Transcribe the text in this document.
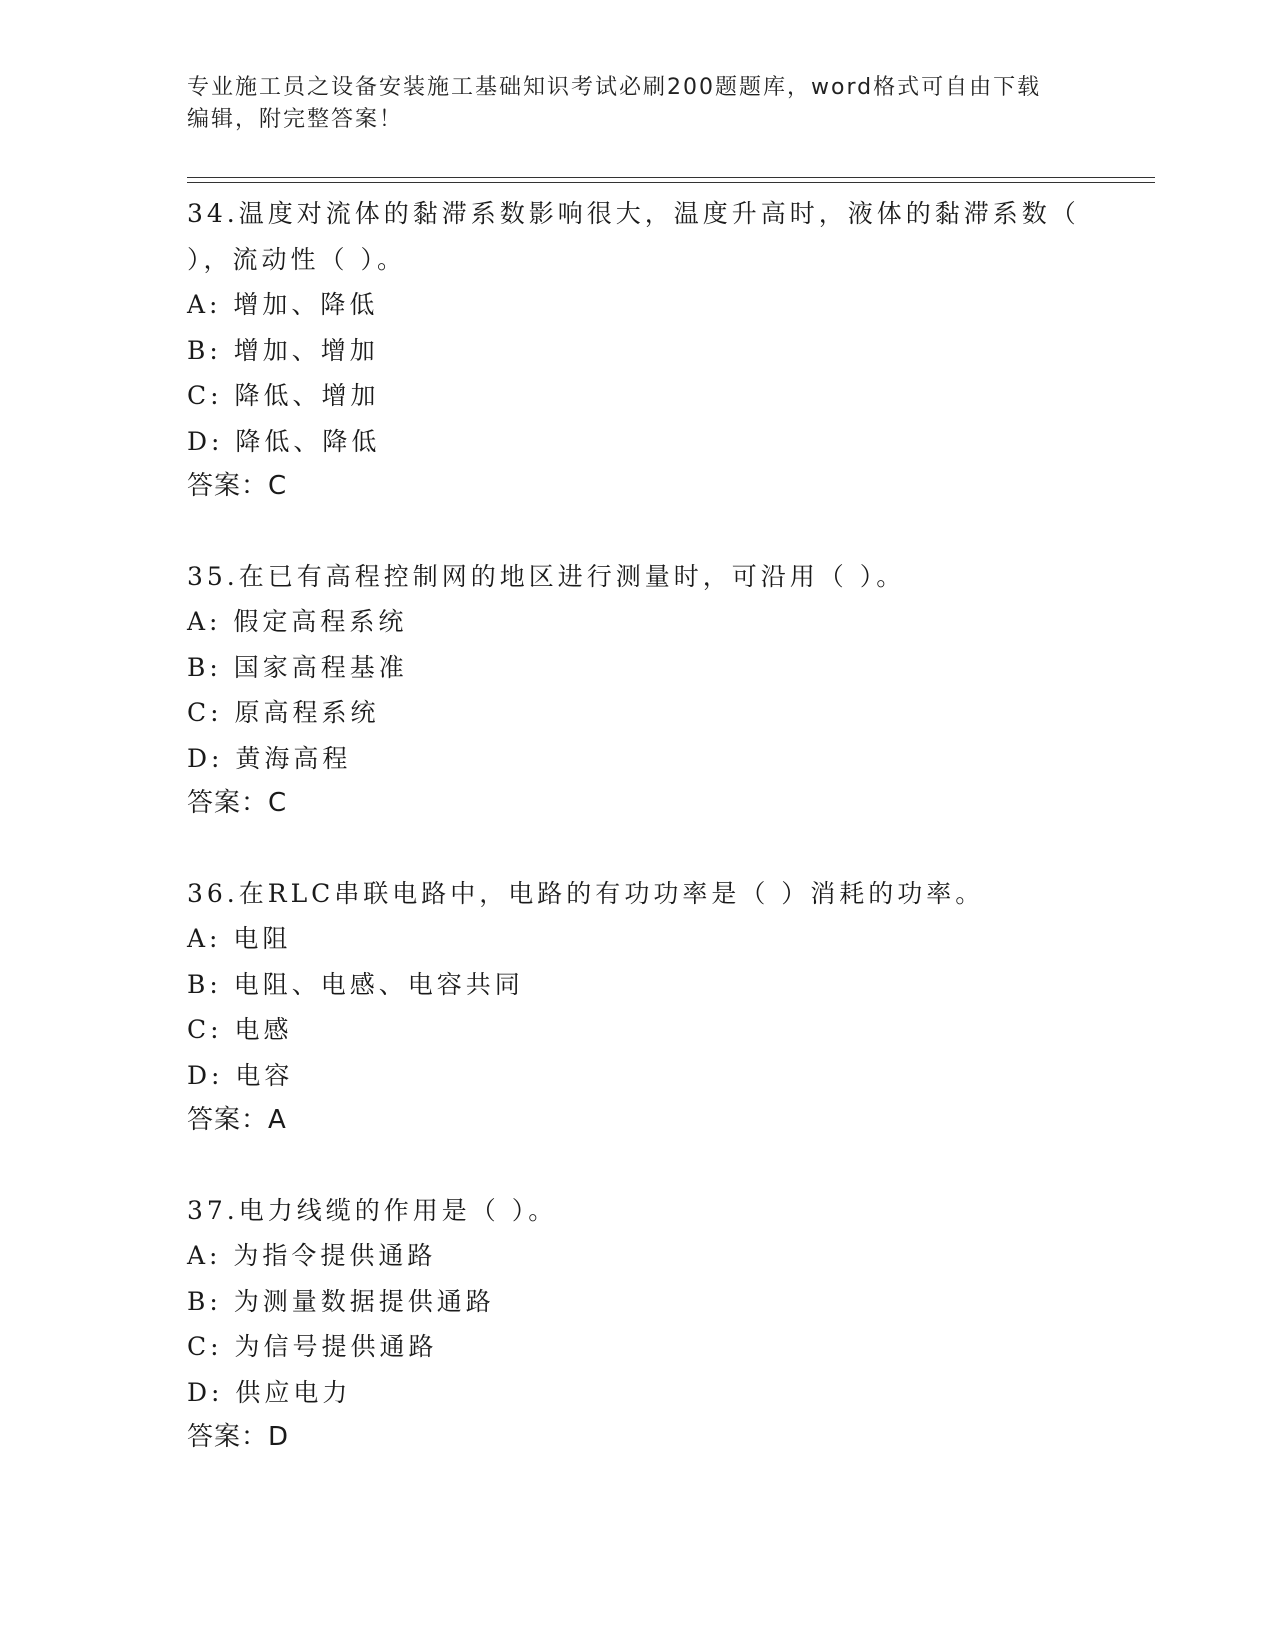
专业施工员之设备安装施工基础知识考试必刷200题题库，word格式可自由下载
编辑，附完整答案！
34.温度对流体的黏滞系数影响很大，温度升高时，液体的黏滞系数（
），流动性（ ）。
A: 增加、降低
B: 增加、增加
C: 降低、增加
D: 降低、降低
答案：C
35.在已有高程控制网的地区进行测量时，可沿用（ ）。
A: 假定高程系统
B: 国家高程基准
C: 原高程系统
D: 黄海高程
答案：C
36.在RLC串联电路中，电路的有功功率是（ ）消耗的功率。
A: 电阻
B: 电阻、电感、电容共同
C: 电感
D: 电容
答案：A
37.电力线缆的作用是（ ）。
A: 为指令提供通路
B: 为测量数据提供通路
C: 为信号提供通路
D: 供应电力
答案：D
